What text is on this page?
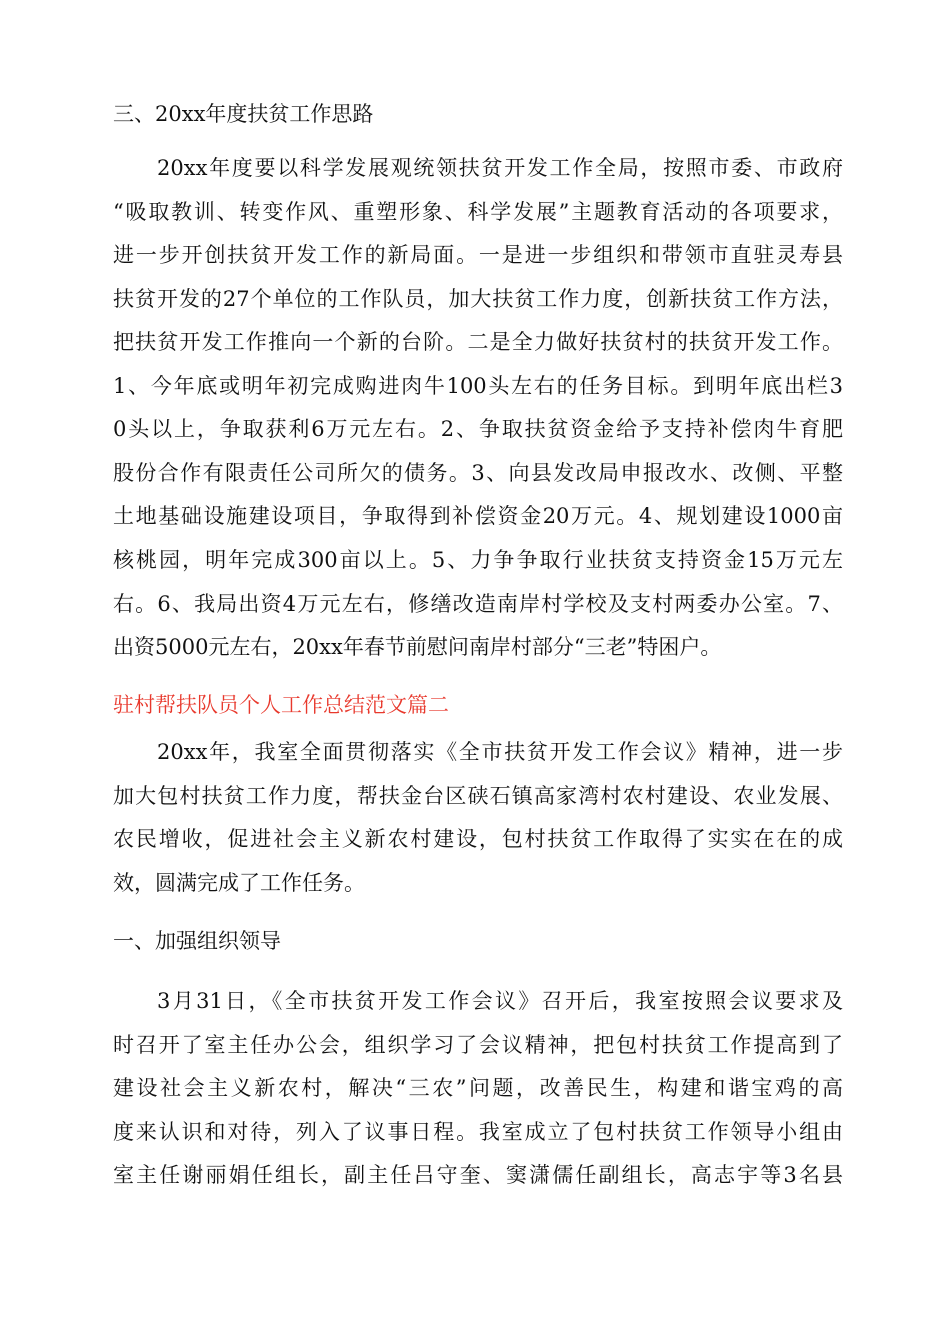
三、20xx年度扶贫工作思路
20xx年度要以科学发展观统领扶贫开发工作全局，按照市委、市政府
“吸取教训、转变作风、重塑形象、科学发展”主题教育活动的各项要求，
进一步开创扶贫开发工作的新局面。一是进一步组织和带领市直驻灵寿县
扶贫开发的27个单位的工作队员，加大扶贫工作力度，创新扶贫工作方法，
把扶贫开发工作推向一个新的台阶。二是全力做好扶贫村的扶贫开发工作。
1、今年底或明年初完成购进肉牛100头左右的任务目标。到明年底出栏3
0头以上，争取获利6万元左右。2、争取扶贫资金给予支持补偿肉牛育肥
股份合作有限责任公司所欠的债务。3、向县发改局申报改水、改侧、平整
土地基础设施建设项目，争取得到补偿资金20万元。4、规划建设1000亩
核桃园，明年完成300亩以上。5、力争争取行业扶贫支持资金15万元左
右。6、我局出资4万元左右，修缮改造南岸村学校及支村两委办公室。7、
出资5000元左右，20xx年春节前慰问南岸村部分“三老”特困户。
驻村帮扶队员个人工作总结范文篇二
20xx年，我室全面贯彻落实《全市扶贫开发工作会议》精神，进一步
加大包村扶贫工作力度，帮扶金台区硖石镇高家湾村农村建设、农业发展、
农民增收，促进社会主义新农村建设，包村扶贫工作取得了实实在在的成
效，圆满完成了工作任务。
一、加强组织领导
3月31日，《全市扶贫开发工作会议》召开后，我室按照会议要求及
时召开了室主任办公会，组织学习了会议精神，把包村扶贫工作提高到了
建设社会主义新农村，解决“三农”问题，改善民生，构建和谐宝鸡的高
度来认识和对待，列入了议事日程。我室成立了包村扶贫工作领导小组由
室主任谢丽娟任组长，副主任吕守奎、窦潇儒任副组长，高志宇等3名县
